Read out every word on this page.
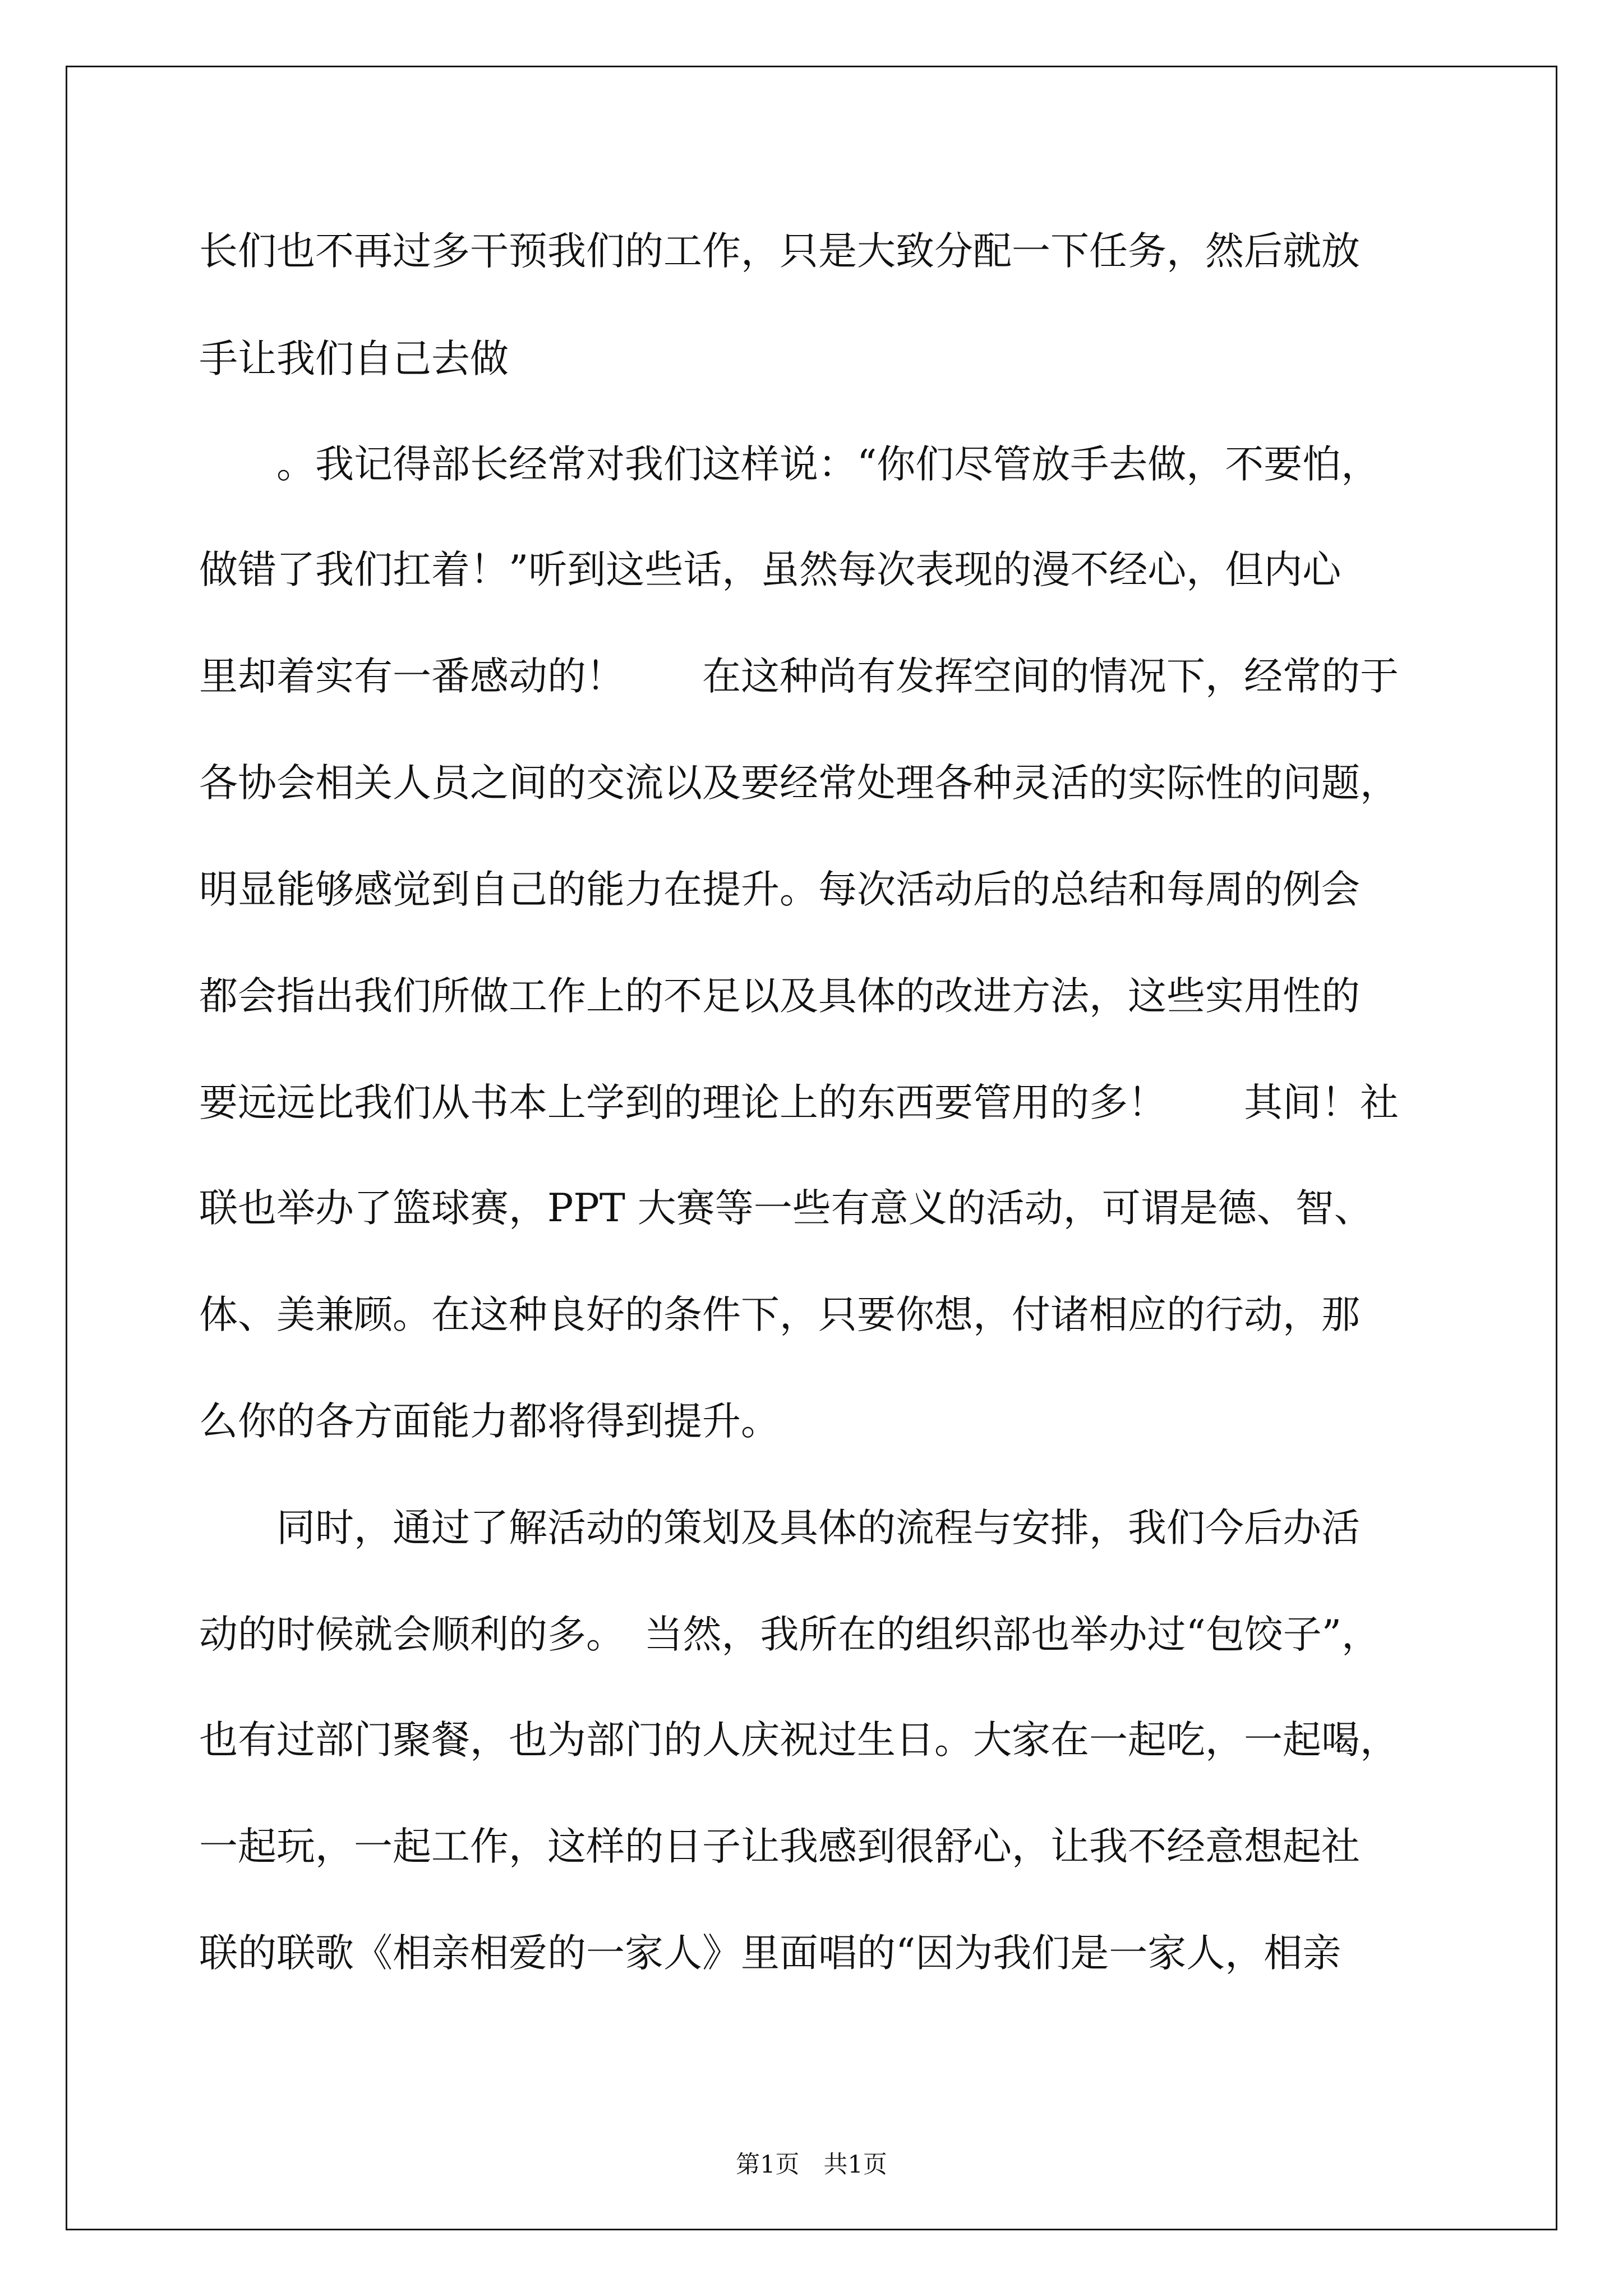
长们也不再过多干预我们的工作，只是大致分配一下任务，然后就放
手让我们自己去做
　　。我记得部长经常对我们这样说：“你们尽管放手去做，不要怕，
做错了我们扛着！”听到这些话，虽然每次表现的漫不经心，但内心
里却着实有一番感动的！　　在这种尚有发挥空间的情况下，经常的于
各协会相关人员之间的交流以及要经常处理各种灵活的实际性的问题，
明显能够感觉到自己的能力在提升。每次活动后的总结和每周的例会
都会指出我们所做工作上的不足以及具体的改进方法，这些实用性的
要远远比我们从书本上学到的理论上的东西要管用的多！　　其间！社
联也举办了篮球赛，PPT 大赛等一些有意义的活动，可谓是德、智、
体、美兼顾。在这种良好的条件下，只要你想，付诸相应的行动，那
么你的各方面能力都将得到提升。
　　同时，通过了解活动的策划及具体的流程与安排，我们今后办活
动的时候就会顺利的多。　当然，我所在的组织部也举办过“包饺子”，
也有过部门聚餐，也为部门的人庆祝过生日。大家在一起吃，一起喝，
一起玩，一起工作，这样的日子让我感到很舒心，让我不经意想起社
联的联歌《相亲相爱的一家人》里面唱的“因为我们是一家人，相亲
第1页　共1页
